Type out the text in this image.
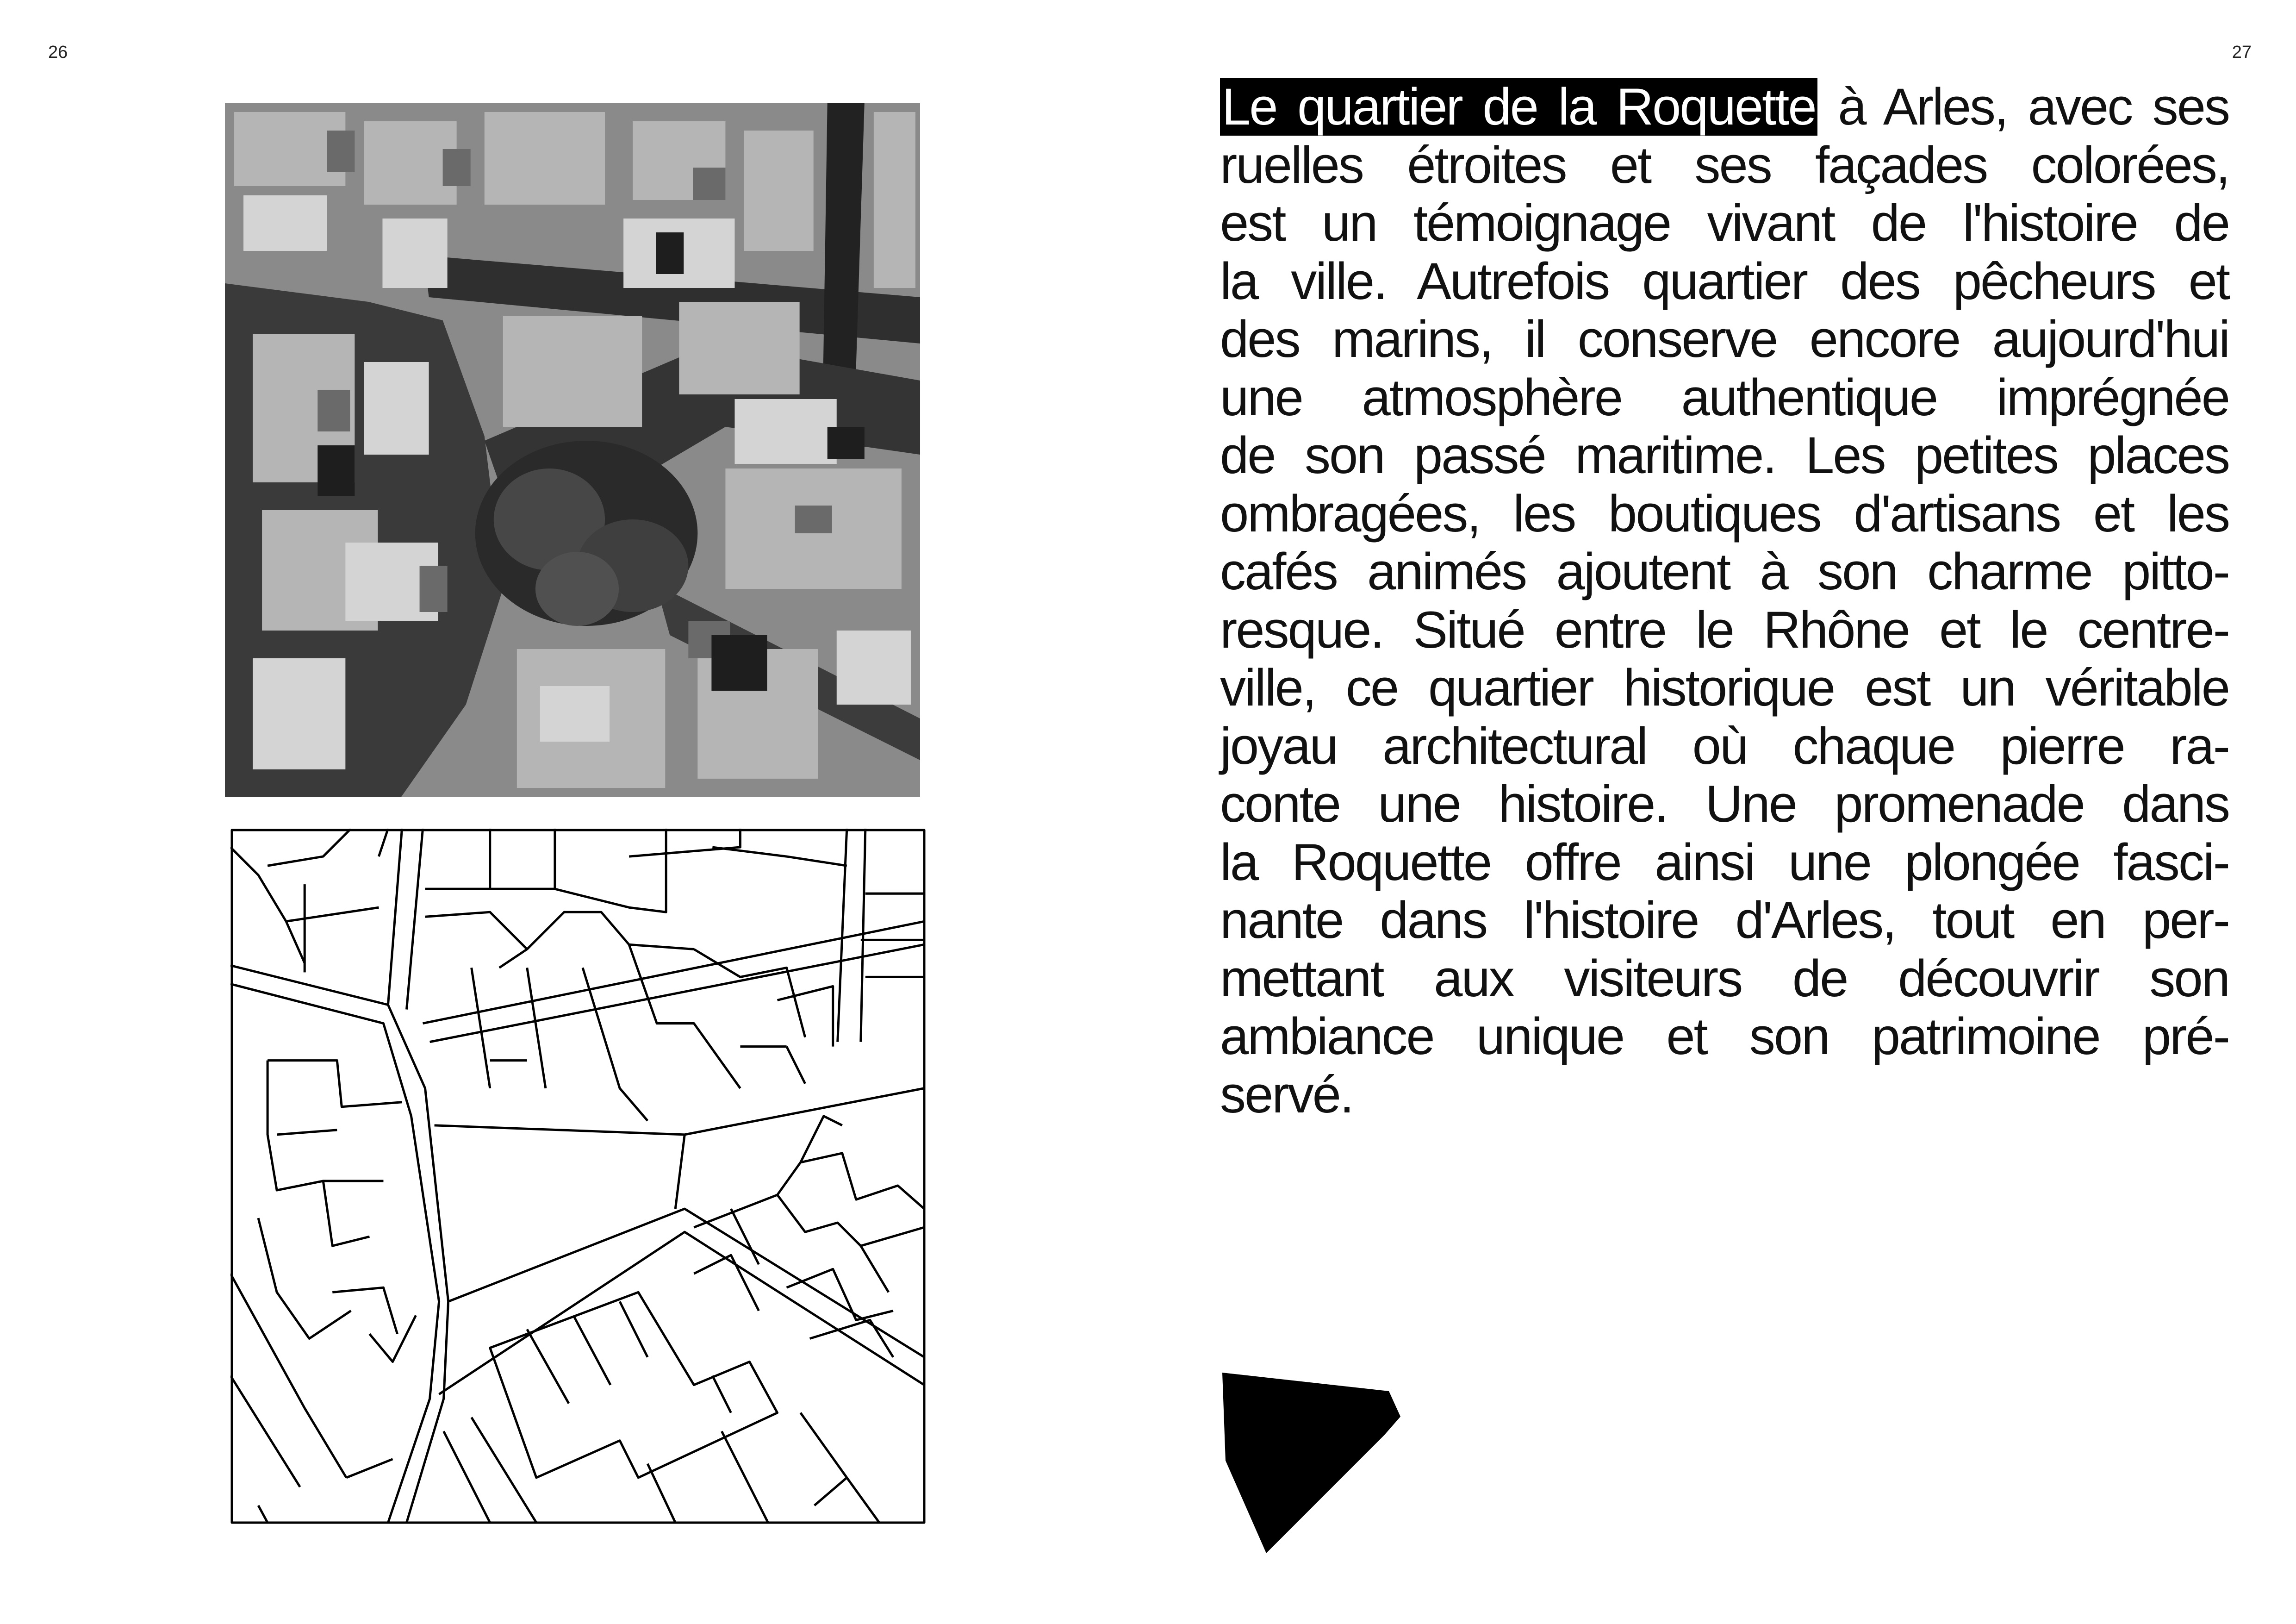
26	27
Le quartier de la Roquette à Arles, avec ses
ruelles étroites et ses façades colorées,
est un témoignage vivant de l'histoire de
la ville. Autrefois quartier des pêcheurs et
des marins, il conserve encore aujourd'hui
une atmosphère authentique imprégnée
de son passé maritime. Les petites places
ombragées, les boutiques d'artisans et les
cafés animés ajoutent à son charme pitto-
resque. Situé entre le Rhône et le centre-
ville, ce quartier historique est un véritable
joyau architectural où chaque pierre ra-
conte une histoire. Une promenade dans
la Roquette offre ainsi une plongée fasci-
nante dans l'histoire d'Arles, tout en per-
mettant aux visiteurs de découvrir son
ambiance unique et son patrimoine pré-
servé.
